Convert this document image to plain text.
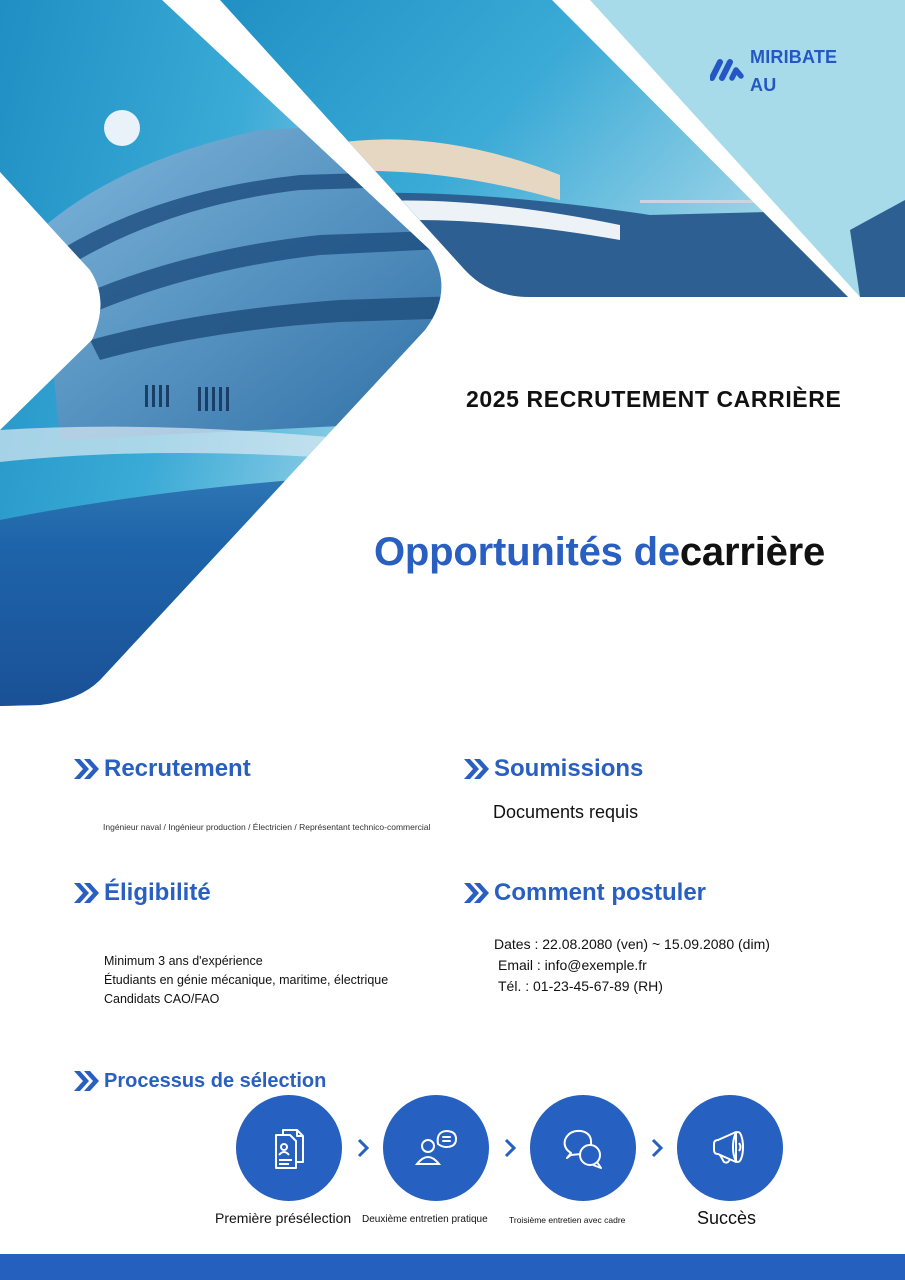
MIRIBATE
AU
2025 RECRUTEMENT CARRIÈRE
Opportunités decarrière
Recrutement
Ingénieur naval / Ingénieur production / Électricien / Représentant technico-commercial
Soumissions
Documents requis
Éligibilité
Minimum 3 ans d'expérience
Étudiants en génie mécanique, maritime, électrique
Candidats CAO/FAO
Comment postuler
Dates : 22.08.2080 (ven) ~ 15.09.2080 (dim)
Email : info@exemple.fr
Tél. : 01-23-45-67-89 (RH)
Processus de sélection
Première présélection Deuxième entretien pratique	Troisième entretien avec cadre	Succès
